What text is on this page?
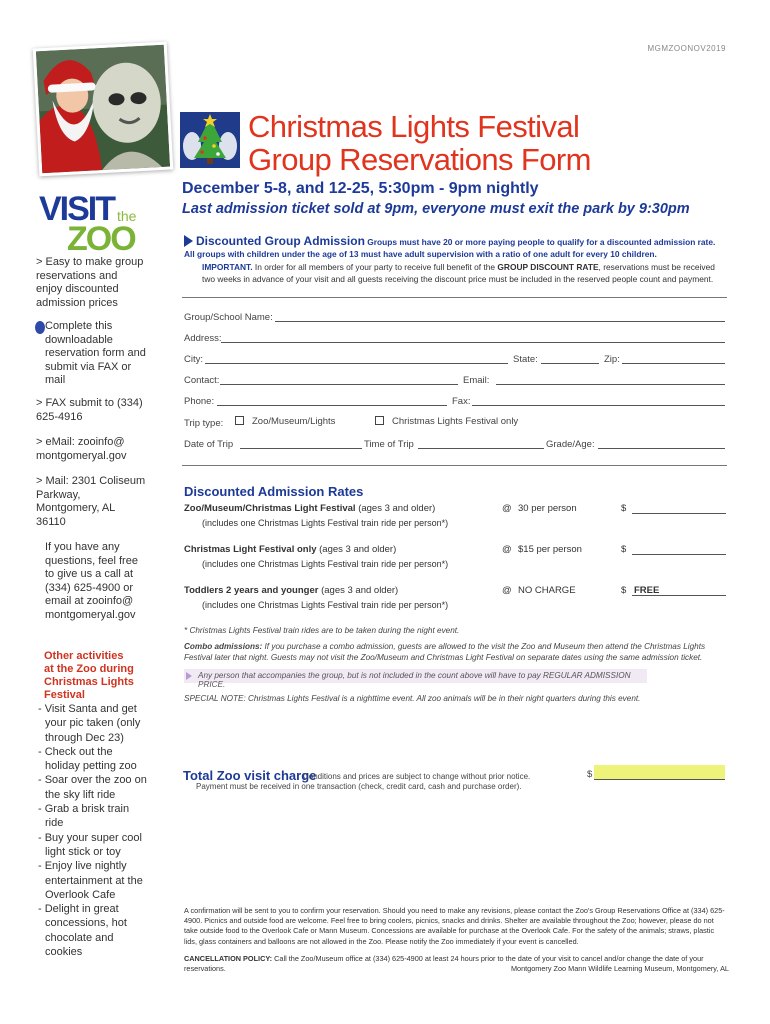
MGMZOONOV2019
VISIT the
ZOO
> Easy to make group reservations and enjoy discounted admission prices
Complete this downloadable reservation form and submit via FAX or mail
> FAX submit to (334) 625-4916
> eMail: zooinfo@ montgomeryal.gov
> Mail: 2301 Coliseum Parkway, Montgomery, AL 36110
If you have any questions, feel free to give us a call at (334) 625-4900 or email at zooinfo@ montgomeryal.gov
Other activities at the Zoo during Christmas Lights Festival
- Visit Santa and get your pic taken (only through Dec 23)
- Check out the holiday petting zoo
- Soar over the zoo on the sky lift ride
- Grab a brisk train ride
- Buy your super cool light stick or toy
- Enjoy live nightly entertainment at the Overlook Cafe
- Delight in great concessions, hot chocolate and cookies
Christmas Lights Festival
Group Reservations Form
December 5-8, and 12-25, 5:30pm - 9pm nightly
Last admission ticket sold at 9pm, everyone must exit the park by 9:30pm
Discounted Group Admission Groups must have 20 or more paying people to qualify for a discounted admission rate. All groups with children under the age of 13 must have adult supervision with a ratio of one adult for every 10 children.
IMPORTANT. In order for all members of your party to receive full benefit of the GROUP DISCOUNT RATE, reservations must be received two weeks in advance of your visit and all guests receiving the discount price must be included in the reserved people count and payment.
Group/School Name:
Address:
City:	State:	Zip:
Contact:	Email:
Phone:	Fax:
Trip type:	Zoo/Museum/Lights	Christmas Lights Festival only
Date of Trip	Time of Trip	Grade/Age:
Discounted Admission Rates
Zoo/Museum/Christmas Light Festival (ages 3 and older)
(includes one Christmas Lights Festival train ride per person*)
@ 30 per person	$
Christmas Light Festival only (ages 3 and older)
(includes one Christmas Lights Festival train ride per person*)
@ $15 per person	$
Toddlers 2 years and younger (ages 3 and older)
(includes one Christmas Lights Festival train ride per person*)
@ NO CHARGE	$ FREE
* Christmas Lights Festival train rides are to be taken during the night event.
Combo admissions: If you purchase a combo admission, guests are allowed to the visit the Zoo and Museum then attend the Christmas Lights Festival later that night. Guests may not visit the Zoo/Museum and Christmas Light Festival on separate dates using the same admission ticket.
Any person that accompanies the group, but is not included in the count above will have to pay REGULAR ADMISSION PRICE.
SPECIAL NOTE: Christmas Lights Festival is a nighttime event. All zoo animals will be in their night quarters during this event.
Total Zoo visit charge
Conditions and prices are subject to change without prior notice.
Payment must be received in one transaction (check, credit card, cash and purchase order).
$
A confirmation will be sent to you to confirm your reservation. Should you need to make any revisions, please contact the Zoo's Group Reservations Office at (334) 625-4900. Picnics and outside food are welcome. Feel free to bring coolers, picnics, snacks and drinks. Shelter are available throughout the Zoo; however, please do not take outside food to the Overlook Cafe or Mann Museum. Concessions are available for purchase at the Overlook Cafe. For the safety of the animals; straws, plastic lids, glass containers and balloons are not allowed in the Zoo. Please notify the Zoo immediately if your event is cancelled.
CANCELLATION POLICY: Call the Zoo/Museum office at (334) 625-4900 at least 24 hours prior to the date of your visit to cancel and/or change the date of your reservations.	Montgomery Zoo Mann Wildlife Learning Museum, Montgomery, AL
